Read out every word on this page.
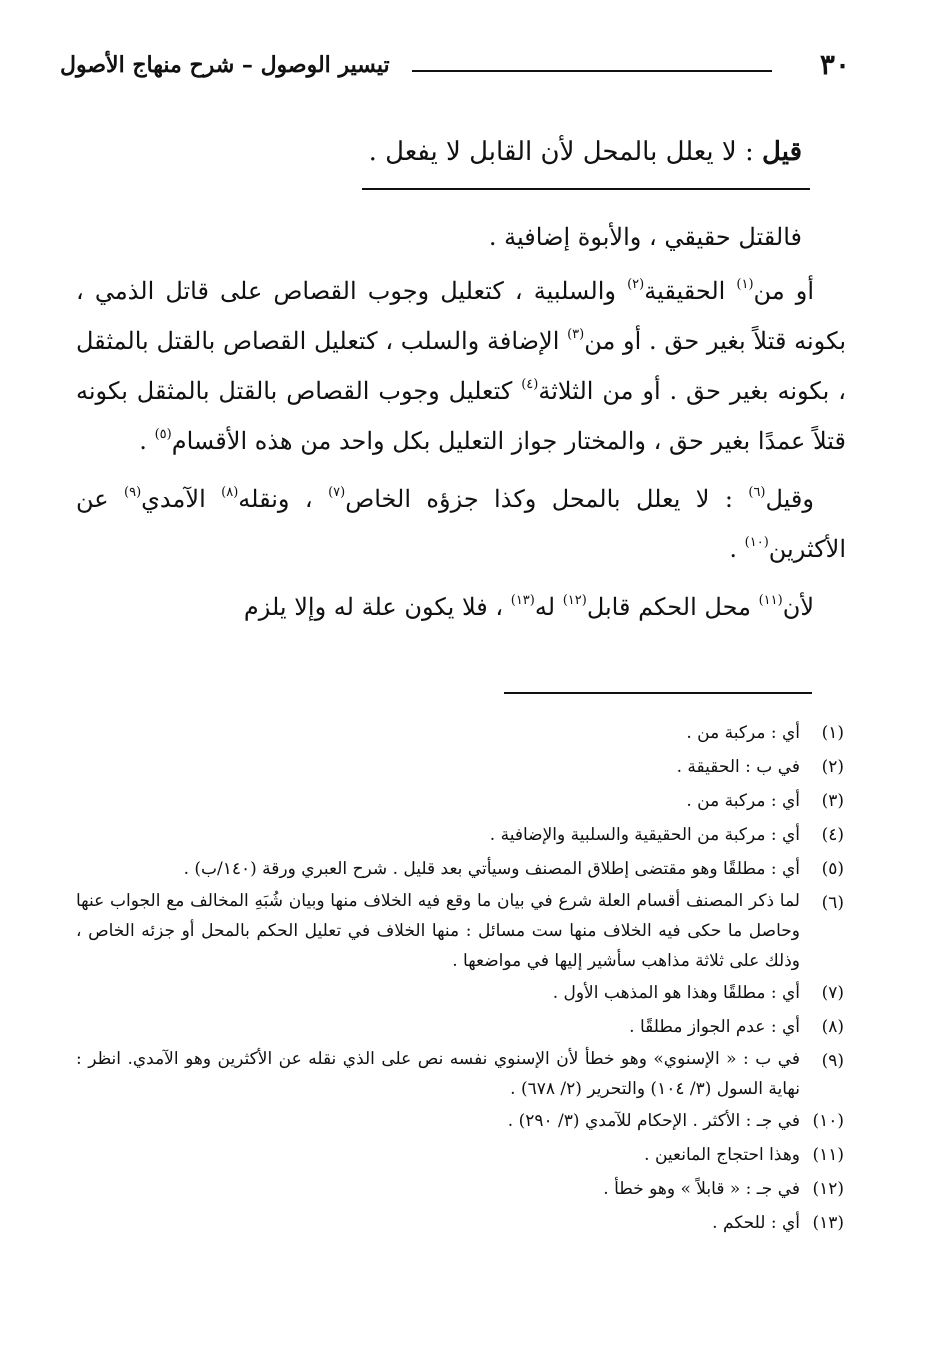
٣٠
تيسير الوصول – شرح منهاج الأصول
قيل : لا يعلل بالمحل لأن القابل لا يفعل .

فالقتل حقيقي ، والأبوة إضافية .

أو من$^{(١)}$ الحقيقية$^{(٢)}$ والسلبية ، كتعليل وجوب القصاص على قاتل الذمي ، بكونه قتلاً بغير حق . أو من$^{(٣)}$ الإضافة والسلب ، كتعليل القصاص بالقتل بالمثقل ، بكونه بغير حق . أو من الثلاثة$^{(٤)}$ كتعليل وجوب القصاص بالقتل بالمثقل بكونه قتلاً عمدًا بغير حق ، والمختار جواز التعليل بكل واحد من هذه الأقسام$^{(٥)}$ .

وقيل$^{(٦)}$ : لا يعلل بالمحل وكذا جزؤه الخاص$^{(٧)}$ ، ونقله$^{(٨)}$ الآمدي$^{(٩)}$ عن الأكثرين$^{(١٠)}$ .

لأن$^{(١١)}$ محل الحكم قابل$^{(١٢)}$ له$^{(١٣)}$ ، فلا يكون علة له وإلا يلزم

(١)
أي : مركبة من .
(٢)
في ب : الحقيقة .
(٣)
أي : مركبة من .
(٤)
أي : مركبة من الحقيقية والسلبية والإضافية .
(٥)
أي : مطلقًا وهو مقتضى إطلاق المصنف وسيأتي بعد قليل . شرح العبري ورقة (١٤٠/ب) .
(٦)
لما ذكر المصنف أقسام العلة شرع في بيان ما وقع فيه الخلاف منها وبيان شُبَهِ المخالف مع الجواب عنها وحاصل ما حكى فيه الخلاف منها ست مسائل : منها الخلاف في تعليل الحكم بالمحل أو جزئه الخاص ، وذلك على ثلاثة مذاهب سأشير إليها في مواضعها .
(٧)
أي : مطلقًا وهذا هو المذهب الأول .
(٨)
أي : عدم الجواز مطلقًا .
(٩)
في ب : « الإسنوي» وهو خطأ لأن الإسنوي نفسه نص على الذي نقله عن الأكثرين وهو الآمدي. انظر : نهاية السول (٣/ ١٠٤) والتحرير (٢/ ٦٧٨) .
(١٠)
في جـ : الأكثر . الإحكام للآمدي (٣/ ٢٩٠) .
(١١)
وهذا احتجاج المانعين .
(١٢)
في جـ : « قابلاً » وهو خطأ .
(١٣)
أي : للحكم .
